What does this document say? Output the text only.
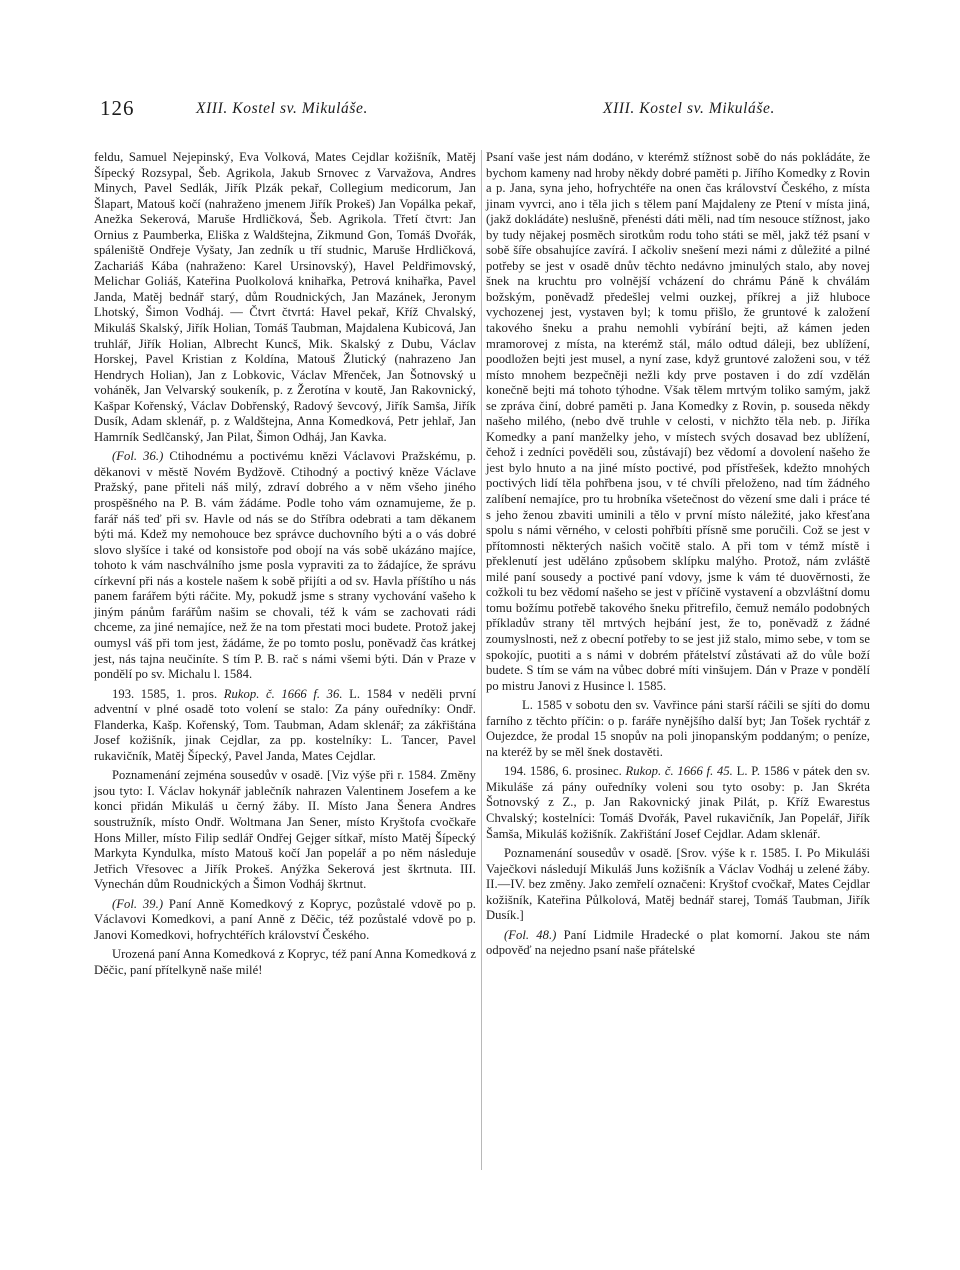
126	XIII. Kostel sv. Mikuláše.	XIII. Kostel sv. Mikuláše.

feldu, Samuel Nejepinský, Eva Volková, Mates Cejdlar kožišník, Matěj Šípecký Rozsypal, Šeb. Agrikola, Jakub Srnovec z Varvažova, Andres Minych, Pavel Sedlák, Jiřík Plzák pekař, Collegium medicorum, Jan Šlapart, Matouš kočí (nahraženo jmenem Jiřík Prokeš) Jan Vopálka pekař, Anežka Sekerová, Maruše Hrdličková, Šeb. Agrikola. Třetí čtvrt: Jan Ornius z Paumberka, Eliška z Waldštejna, Zikmund Gon, Tomáš Dvořák, spáleniště Ondřeje Vyšaty, Jan zedník u tří studnic, Maruše Hrdličková, Zachariáš Kába (nahraženo: Karel Ursinovský), Havel Peldřimovský, Melichar Goliáš, Kateřina Puolkolová knihařka, Petrová knihařka, Pavel Janda, Matěj bednář starý, dům Roudnických, Jan Mazánek, Jeronym Lhotský, Šimon Vodháj. — Čtvrt čtvrtá: Havel pekař, Kříž Chvalský, Mikuláš Skalský, Jiřík Holian, Tomáš Taubman, Majdalena Kubicová, Jan truhlář, Jiřík Holian, Albrecht Kuncš, Mik. Skalský z Dubu, Václav Horskej, Pavel Kristian z Koldína, Matouš Žlutický (nahrazeno Jan Hendrych Holian), Jan z Lobkovic, Václav Mřenček, Jan Šotnovský u voháněk, Jan Velvarský soukeník, p. z Žerotína v koutě, Jan Rakovnický, Kašpar Kořenský, Václav Dobřenský, Radový ševcový, Jiřík Samša, Jiřík Dusík, Adam sklenář, p. z Waldštejna, Anna Komedková, Petr jehlař, Jan Hamrník Sedlčanský, Jan Pilat, Šimon Odháj, Jan Kavka.

(Fol. 36.) Ctihodnému a poctivému knězi Václavovi Pražskému, p. děkanovi v městě Novém Bydžově. Ctihodný a poctivý kněze Václave Pražský, pane přiteli náš milý, zdraví dobrého a v něm všeho jiného prospěšného na P. B. vám žádáme. Podle toho vám oznamujeme, že p. farář náš teď při sv. Havle od nás se do Stříbra odebrati a tam děkanem býti má. Kdež my nemohouce bez správce duchovního býti a o vás dobré slovo slyšíce i také od konsistoře pod obojí na vás sobě ukázáno majíce, tohoto k vám naschválního jsme posla vypraviti za to žádajíce, že správu církevní při nás a kostele našem k sobě přijíti a od sv. Havla příštího u nás panem farářem býti ráčite. My, pokudž jsme s strany vychování vašeho k jiným pánům farářům našim se chovali, též k vám se zachovati rádi chceme, za jiné nemajíce, než že na tom přestati moci budete. Protož jakej oumysl váš při tom jest, žádáme, že po tomto poslu, poněvadž čas krátkej jest, nás tajna neučiníte. S tím P. B. rač s námi všemi býti. Dán v Praze v pondělí po sv. Michalu l. 1584.

193. 1585, 1. pros. Rukop. č. 1666 f. 36. L. 1584 v neděli první adventní v plné osadě toto volení se stalo: Za pány ouředníky: Ondř. Flanderka, Kašp. Kořenský, Tom. Taubman, Adam sklenář; za zákřištána Josef kožišník, jinak Cejdlar, za pp. kostelníky: L. Tancer, Pavel rukavičník, Matěj Šípecký, Pavel Janda, Mates Cejdlar.

Poznamenání zejména sousedův v osadě. [Viz výše při r. 1584. Změny jsou tyto: I. Václav hokynář jablečník nahrazen Valentinem Josefem a ke konci přidán Mikuláš u černý žáby. II. Místo Jana Šenera Andres soustružník, místo Ondř. Woltmana Jan Sener, místo Kryštofa cvočkaře Hons Miller, místo Filip sedlář Ondřej Gejger sítkař, místo Matěj Šípecký Markyta Kyndulka, místo Matouš kočí Jan popelář a po něm následuje Jetřich Vřesovec a Jiřík Prokeš. Anýžka Sekerová jest škrtnuta. III. Vynechán dům Roudnických a Šimon Vodháj škrtnut.

(Fol. 39.) Paní Anně Komedkový z Kopryc, pozůstalé vdově po p. Václavovi Komedkovi, a paní Anně z Děčic, též pozůstalé vdově po p. Janovi Komedkovi, hofrychtéřích království Českého.

Urozená paní Anna Komedková z Kopryc, též paní Anna Komedková z Děčic, paní přítelkyně naše milé!

Psaní vaše jest nám dodáno, v kterémž stížnost sobě do nás pokládáte, že bychom kameny nad hroby někdy dobré paměti p. Jiřího Komedky z Rovin a p. Jana, syna jeho, hofrychtéře na onen čas království Českého, z místa jinam vyvrci, ano i těla jich s tělem paní Majdaleny ze Ptení v místa jiná, (jakž dokládáte) neslušně, přenésti dáti měli, nad tím nesouce stížnost, jako by tudy nějakej posměch sirotkům rodu toho státi se měl, jakž též psaní v sobě šíře obsahujíce zavírá. I ačkoliv snešení mezi námi z důležité a pilné potřeby se jest v osadě dnův těchto nedávno jminulých stalo, aby novej šnek na kruchtu pro volnější vcházení do chrámu Páně k chválám božským, poněvadž předešlej velmi ouzkej, příkrej a již hluboce vychozenej jest, vystaven byl; k tomu přišlo, že gruntové k založení takového šneku a prahu nemohli vybírání bejti, až kámen jeden mramorovej z místa, na kterémž stál, málo odtud dáleji, bez ublížení, poodložen bejti jest musel, a nyní zase, když gruntové založeni sou, v též místo mnohem bezpečněji nežli kdy prve postaven i do zdí vzdělán konečně bejti má tohoto týhodne. Však tělem mrtvým toliko samým, jakž se zpráva činí, dobré paměti p. Jana Komedky z Rovin, p. souseda někdy našeho milého, (nebo dvě truhle v celosti, v nichžto těla neb. p. Jiříka Komedky a paní manželky jeho, v místech svých dosavad bez ublížení, čehož i zedníci pověděli sou, zůstávají) bez vědomí a dovolení našeho že jest bylo hnuto a na jiné místo poctivé, pod přístřešek, kdežto mnohých poctivých lidí těla pohřbena jsou, v té chvíli přeloženo, nad tím žádného zalíbení nemajíce, pro tu hrobníka všetečnost do vězení sme dali i práce té s jeho ženou zbaviti uminili a tělo v první místo náležité, jako křesťana spolu s námi věrného, v celosti pohřbíti přísně sme poručili. Což se jest v přítomnosti některých našich vočitě stalo. A při tom v témž místě i překlenutí jest uděláno způsobem sklípku malýho. Protož, nám zvláště milé paní sousedy a poctivé paní vdovy, jsme k vám té duověrnosti, že cožkoli tu bez vědomí našeho se jest v příčině vystavení a obzvláštní domu tomu božímu potřebě takového šneku přitrefilo, čemuž nemálo podobných příkladův strany těl mrtvých hejbání jest, že to, poněvadž z žádné zoumyslnosti, než z obecní potřeby to se jest již stalo, mimo sebe, v tom se spokojíc, puotiti a s námi v dobrém přátelství zůstávati až do vůle boží budete. S tím se vám na vůbec dobré míti vinšujem. Dán v Praze v pondělí po mistru Janovi z Husince l. 1585.

L. 1585 v sobotu den sv. Vavřince páni starší ráčili se sjíti do domu farního z těchto příčin: o p. faráře nynějšího další byt; Jan Tošek rychtář z Oujezdce, že prodal 15 snopův na poli jinopanským poddaným; o peníze, na kteréž by se měl šnek dostavěti.

194. 1586, 6. prosinec. Rukop. č. 1666 f. 45. L. P. 1586 v pátek den sv. Mikuláše zá pány ouředníky voleni sou tyto osoby: p. Jan Skréta Šotnovský z Z., p. Jan Rakovnický jinak Pilát, p. Kříž Ewarestus Chvalský; kostelníci: Tomáš Dvořák, Pavel rukavičník, Jan Popelář, Jiřík Šamša, Mikuláš kožišník. Zakřištání Josef Cejdlar. Adam sklenář.

Poznamenání sousedův v osadě. [Srov. výše k r. 1585. I. Po Mikuláši Vaječkovi následují Mikuláš Juns kožišník a Václav Vodháj u zelené žáby. II.—IV. bez změny. Jako zemřelí označeni: Kryštof cvočkař, Mates Cejdlar kožišník, Kateřina Půlkolová, Matěj bednář starej, Tomáš Taubman, Jiřík Dusík.]

(Fol. 48.) Paní Lidmile Hradecké o plat komorní. Jakou ste nám odpověď na nejedno psaní naše přátelské
